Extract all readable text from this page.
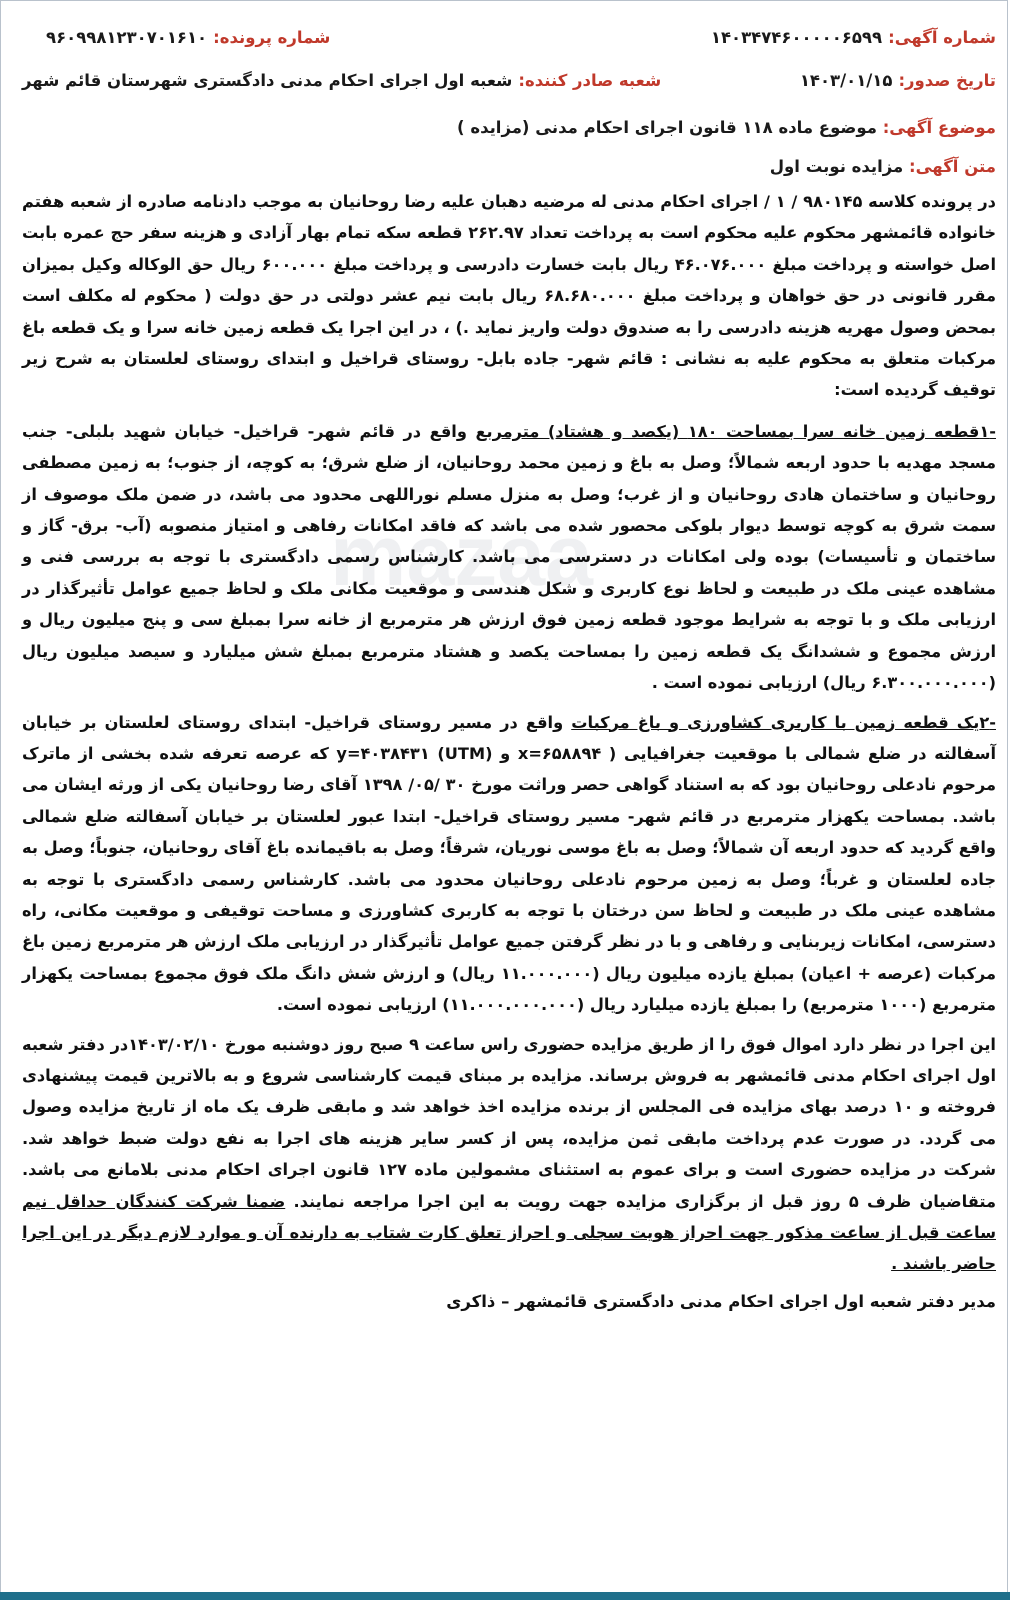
mazaa
شماره آگهی:
۱۴۰۳۴۷۴۶۰۰۰۰۰۶۵۹۹
شماره پرونده:
۹۶۰۹۹۸۱۲۳۰۷۰۱۶۱۰
تاریخ صدور:
۱۴۰۳/۰۱/۱۵
شعبه صادر کننده:
شعبه اول اجرای احکام مدنی دادگستری شهرستان قائم شهر
موضوع آگهی: موضوع ماده ۱۱۸ قانون اجرای احکام مدنی (مزایده )
متن آگهی: مزایده نوبت اول

در پرونده کلاسه ۹۸۰۱۴۵ / ۱ / اجرای احکام مدنی له مرضیه دهبان علیه رضا روحانیان به موجب دادنامه صادره از شعبه هفتم خانواده قائمشهر محکوم علیه محکوم است به پرداخت تعداد ۲۶۲.۹۷ قطعه سکه تمام بهار آزادی و هزینه سفر حج عمره بابت اصل خواسته و پرداخت مبلغ ۴۶.۰۷۶.۰۰۰ ریال بابت خسارت دادرسی و پرداخت مبلغ ۶۰۰.۰۰۰ ریال حق الوکاله وکیل بمیزان مقرر قانونی در حق خواهان و پرداخت مبلغ ۶۸.۶۸۰.۰۰۰ ریال بابت نیم عشر دولتی در حق دولت ( محکوم له مکلف است بمحض وصول مهریه هزینه دادرسی را به صندوق دولت واریز نماید .) ، در این اجرا یک قطعه زمین خانه سرا و یک قطعه باغ مرکبات متعلق به محکوم علیه به نشانی : قائم شهر- جاده بابل- روستای قراخیل و ابتدای روستای لعلستان به شرح زیر توقیف گردیده است:

-۱قطعه زمین خانه سرا بمساحت ۱۸۰ (یکصد و هشتاد) مترمربع واقع در قائم شهر- قراخیل- خیابان شهید بلبلی- جنب مسجد مهدیه با حدود اربعه شمالاً؛ وصل به باغ و زمین محمد روحانیان، از ضلع شرق؛ به کوچه، از جنوب؛ به زمین مصطفی روحانیان و ساختمان هادی روحانیان و از غرب؛ وصل به منزل مسلم نوراللهی محدود می باشد، در ضمن ملک موصوف از سمت شرق به کوچه توسط دیوار بلوکی محصور شده می باشد که فاقد امکانات رفاهی و امتیاز منصوبه (آب- برق- گاز و ساختمان و تأسیسات) بوده ولی امکانات در دسترسی می باشد. کارشناس رسمی دادگستری با توجه به بررسی فنی و مشاهده عینی ملک در طبیعت و لحاظ نوع کاربری و شکل هندسی و موقعیت مکانی ملک و لحاظ جمیع عوامل تأثیرگذار در ارزیابی ملک و با توجه به شرایط موجود قطعه زمین فوق ارزش هر مترمربع از خانه سرا بمبلغ سی و پنج میلیون ریال و ارزش مجموع و ششدانگ یک قطعه زمین را بمساحت یکصد و هشتاد مترمربع بمبلغ شش میلیارد و سیصد میلیون ریال (۶.۳۰۰.۰۰۰.۰۰۰ ریال) ارزیابی نموده است .

-۲یک قطعه زمین با کاربری کشاورزی و باغ مرکبات واقع در مسیر روستای قراخیل- ابتدای روستای لعلستان بر خیابان آسفالته در ضلع شمالی با موقعیت جغرافیایی ( x=۶۵۸۸۹۴ و y=۴۰۳۸۴۳۱ (UTM) که عرصه تعرفه شده بخشی از ماترک مرحوم نادعلی روحانیان بود که به استناد گواهی حصر وراثت مورخ ۳۰ /۰۵/ ۱۳۹۸ آقای رضا روحانیان یکی از ورثه ایشان می باشد. بمساحت یکهزار مترمربع در قائم شهر- مسیر روستای قراخیل- ابتدا عبور لعلستان بر خیابان آسفالته ضلع شمالی واقع گردید که حدود اربعه آن شمالاً؛ وصل به باغ موسی نوریان، شرقاً؛ وصل به باقیمانده باغ آقای روحانیان، جنوباً؛ وصل به جاده لعلستان و غرباً؛ وصل به زمین مرحوم نادعلی روحانیان محدود می باشد. کارشناس رسمی دادگستری با توجه به مشاهده عینی ملک در طبیعت و لحاظ سن درختان با توجه به کاربری کشاورزی و مساحت توقیفی و موقعیت مکانی، راه دسترسی، امکانات زیربنایی و رفاهی و با در نظر گرفتن جمیع عوامل تأثیرگذار در ارزیابی ملک ارزش هر مترمربع زمین باغ مرکبات (عرصه + اعیان) بمبلغ یازده میلیون ریال (۱۱.۰۰۰.۰۰۰ ریال) و ارزش شش دانگ ملک فوق مجموع بمساحت یکهزار مترمربع (۱۰۰۰ مترمربع) را بمبلغ یازده میلیارد ریال (۱۱.۰۰۰.۰۰۰.۰۰۰) ارزیابی نموده است.

این اجرا در نظر دارد اموال فوق را از طریق مزایده حضوری راس ساعت ۹ صبح روز دوشنبه مورخ ۱۴۰۳/۰۲/۱۰در دفتر شعبه اول اجرای احکام مدنی قائمشهر به فروش برساند. مزایده بر مبنای قیمت کارشناسی شروع و به بالاترین قیمت پیشنهادی فروخته و ۱۰ درصد بهای مزایده فی المجلس از برنده مزایده اخذ خواهد شد و مابقی ظرف یک ماه از تاریخ مزایده وصول می گردد. در صورت عدم پرداخت مابقی ثمن مزایده، پس از کسر سایر هزینه های اجرا به نفع دولت ضبط خواهد شد. شرکت در مزایده حضوری است و برای عموم به استثنای مشمولین ماده ۱۲۷ قانون اجرای احکام مدنی بلامانع می باشد. متقاضیان ظرف ۵ روز قبل از برگزاری مزایده جهت رویت به این اجرا مراجعه نمایند. ضمنا شرکت کنندگان حداقل نیم ساعت قبل از ساعت مذکور جهت احراز هویت سجلی و احراز تعلق کارت شتاب به دارنده آن و موارد لازم دیگر در این اجرا حاضر باشند .

مدیر دفتر شعبه اول اجرای احکام مدنی دادگستری قائمشهر – ذاکری
